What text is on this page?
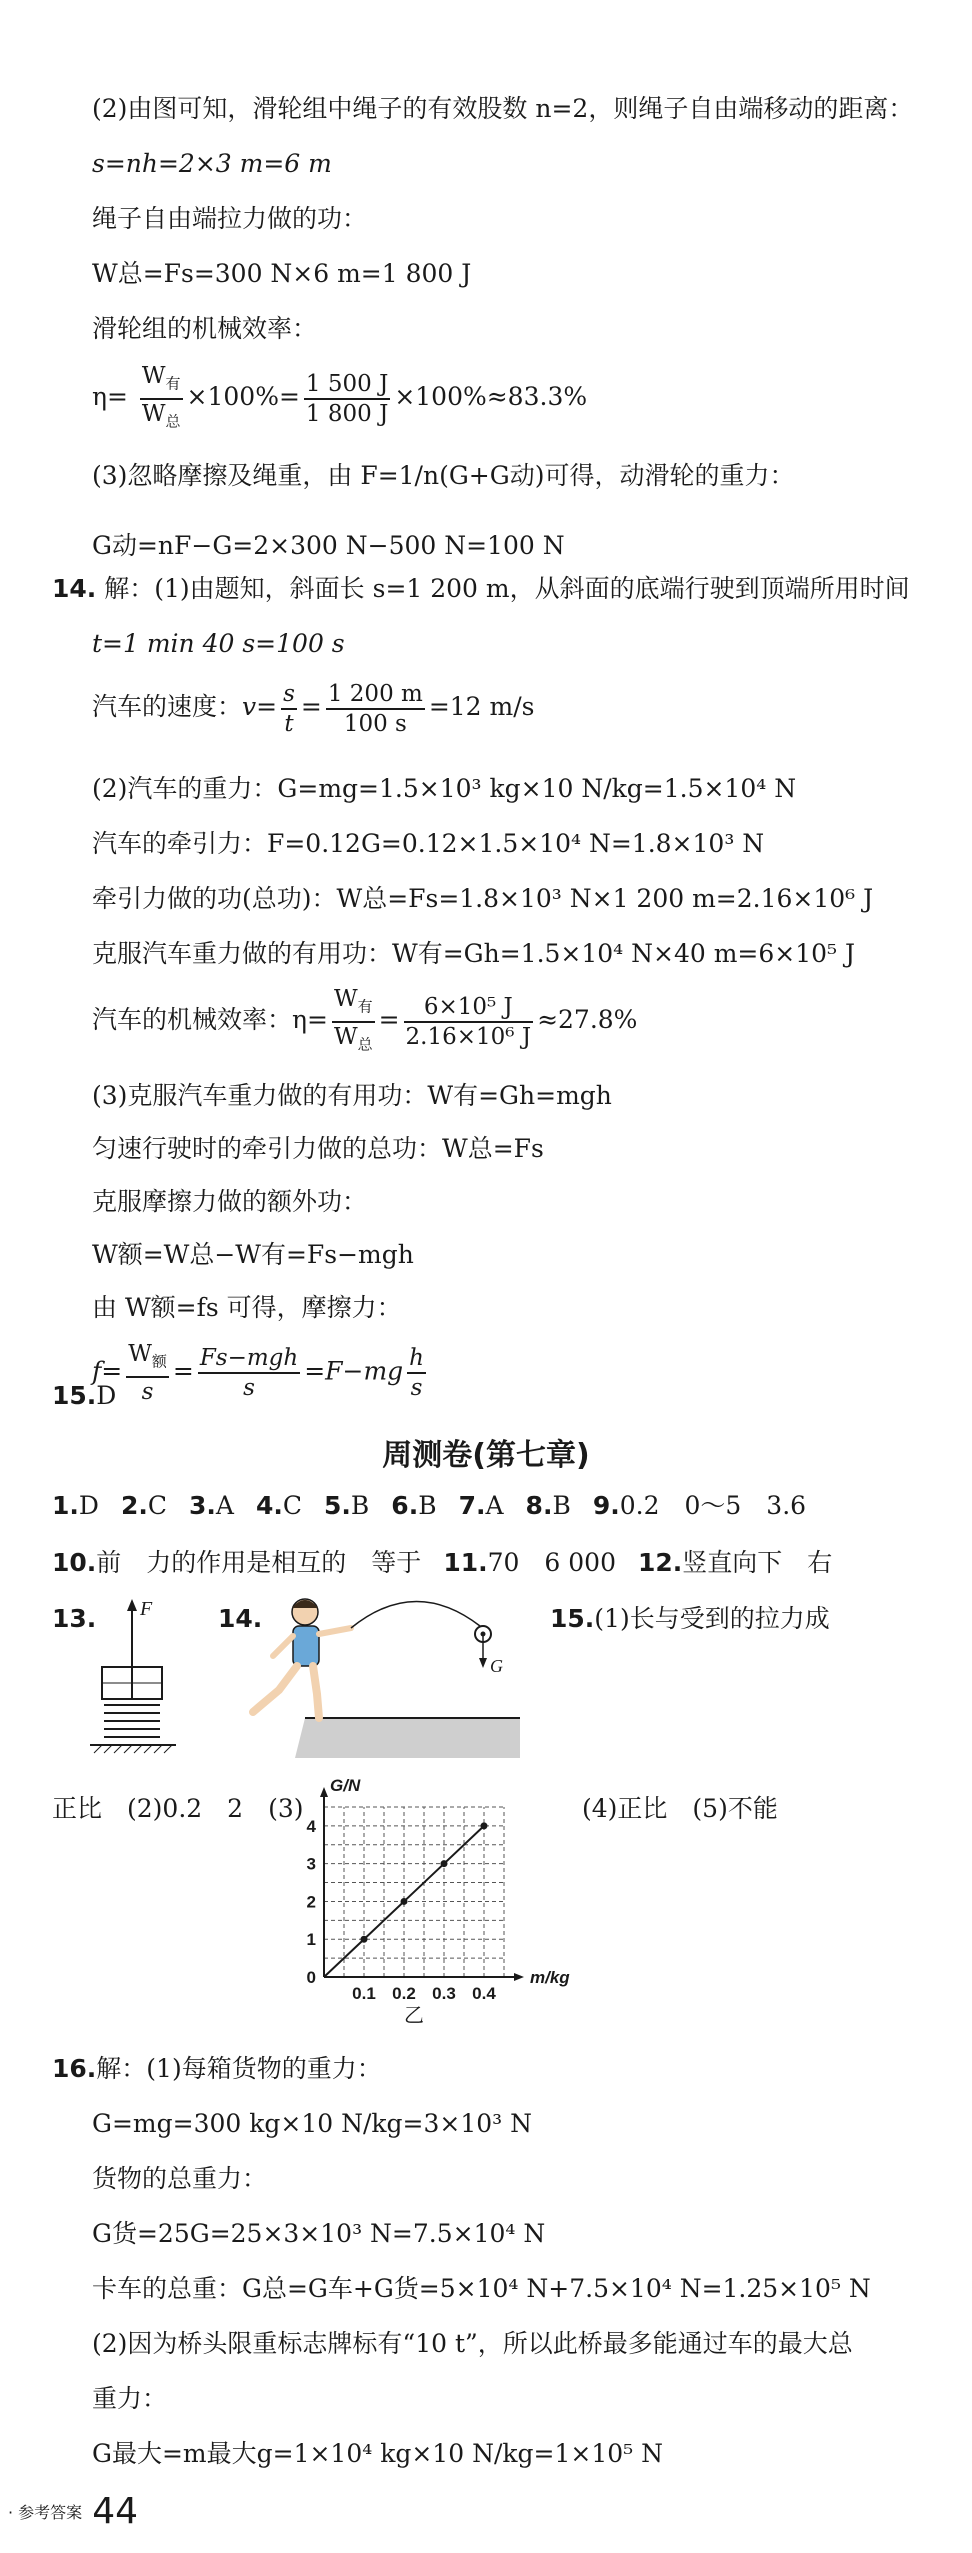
(2)由图可知，滑轮组中绳子的有效股数 n=2，则绳子自由端移动的距离：
s=nh=2×3 m=6 m
绳子自由端拉力做的功：
W总=Fs=300 N×6 m=1 800 J
滑轮组的机械效率：
$\eta= \frac{W_有}{W_总} \times 100\%= \frac{1 500 J}{1 800 J} \times 100\%\approx 83.3\%$
(3)忽略摩擦及绳重，由 F=1/n(G+G动)可得，动滑轮的重力：
G动=nF−G=2×300 N−500 N=100 N
14. 解：(1)由题知，斜面长 s=1 200 m，从斜面的底端行驶到顶端所用时间
t=1 min 40 s=100 s
汽车的速度：$v= \frac{s}{t} = \frac{1 200 m}{100 s} =12$ m/s
(2)汽车的重力：G=mg=1.5×10³ kg×10 N/kg=1.5×10⁴ N
汽车的牵引力：F=0.12G=0.12×1.5×10⁴ N=1.8×10³ N
牵引力做的功(总功)：W总=Fs=1.8×10³ N×1 200 m=2.16×10⁶ J
克服汽车重力做的有用功：W有=Gh=1.5×10⁴ N×40 m=6×10⁵ J
汽车的机械效率：$\eta= \frac{W_有}{W_总} = \frac{\text{6×10⁵ J}}{\text{2.16×10⁶ J}} \approx 27.8\%$
(3)克服汽车重力做的有用功：W有=Gh=mgh
匀速行驶时的牵引力做的总功：W总=Fs
克服摩擦力做的额外功：
W额=W总−W有=Fs−mgh
由 W额=fs 可得，摩擦力：
$f= \frac{W_额}{s} = \frac{\text{Fs−mgh}}{s} =F-mg \frac{h}{s}$
15.D
周测卷(第七章)
1.D 2.C 3.A 4.C 5.B 6.B 7.A 8.B 9.0.2　0～5　3.6
10.前　力的作用是相互的　等于 11.70　6 000 12.竖直向下　右
13. F	14.
G
15.(1)长与受到的拉力成
正比　(2)0.2　2　(3)	(4)正比　(5)不能
0.1 0.2 0.3 0.4
0
1
2
3
4
m/kg
G/N
乙
16.解：(1)每箱货物的重力：
G=mg=300 kg×10 N/kg=3×10³ N
货物的总重力：
G货=25G=25×3×10³ N=7.5×10⁴ N
卡车的总重：G总=G车+G货=5×10⁴ N+7.5×10⁴ N=1.25×10⁵ N
(2)因为桥头限重标志牌标有“10 t”，所以此桥最多能通过车的最大总
重力：
G最大=m最大g=1×10⁴ kg×10 N/kg=1×10⁵ N
· 参考答案 44
